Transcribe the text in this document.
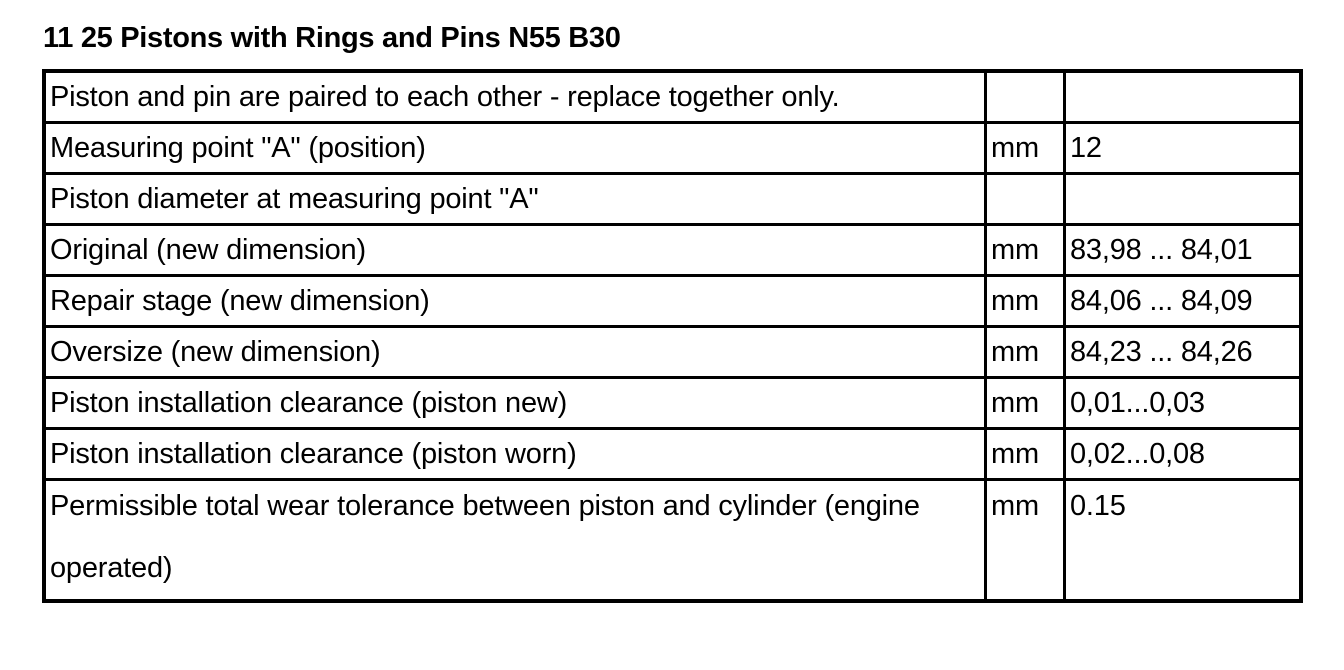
11 25 Pistons with Rings and Pins N55 B30
Piston and pin are paired to each other - replace together only.		
Measuring point "A" (position)	mm	12
Piston diameter at measuring point "A"		
Original (new dimension)	mm	83,98 ... 84,01
Repair stage (new dimension)	mm	84,06 ... 84,09
Oversize (new dimension)	mm	84,23 ... 84,26
Piston installation clearance (piston new)	mm	0,01...0,03
Piston installation clearance (piston worn)	mm	0,02...0,08

Permissible total wear tolerance between piston and cylinder (engine operated)	mm	0.15
